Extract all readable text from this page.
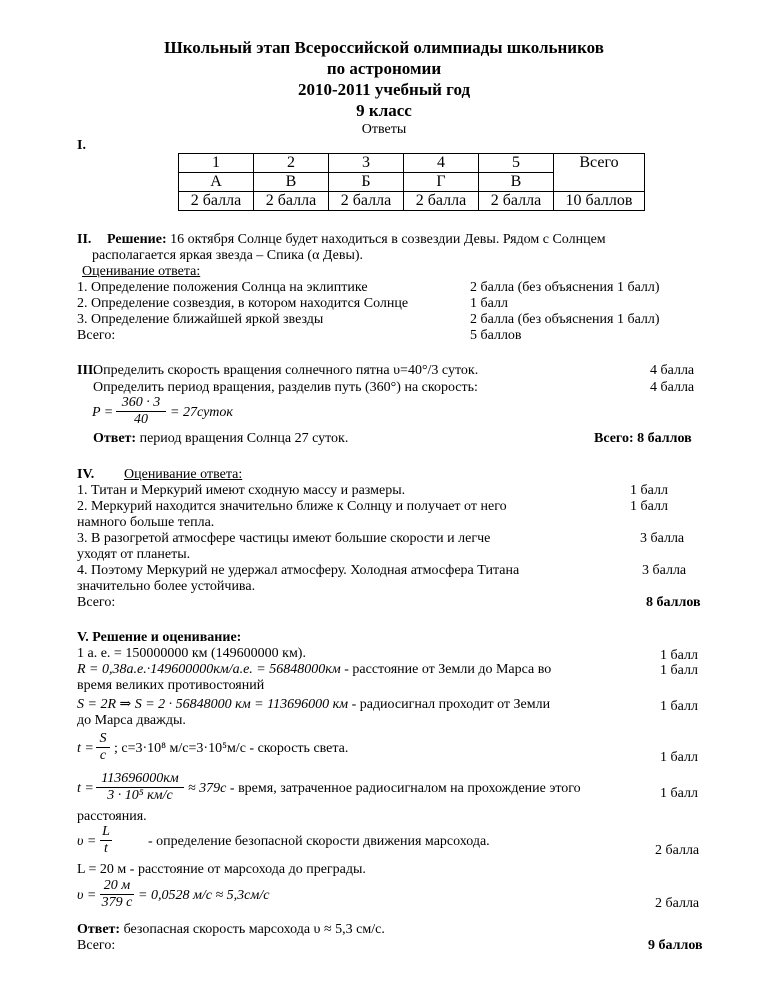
Школьный этап Всероссийской олимпиады школьников
по астрономии
2010-2011 учебный год
9 класс
Ответы
I.
1	2	3	4	5	Всего
А	В	Б	Г	В	
2 балла	2 балла	2 балла	2 балла	2 балла	10 баллов
II. Решение: 16 октября Солнце будет находиться в созвездии Девы. Рядом с Солнцем
располагается яркая звезда – Спика (α Девы).
Оценивание ответа:
1. Определение положения Солнца на эклиптике	2 балла (без объяснения 1 балл)
2. Определение созвездия, в котором находится Солнце	1 балл
3. Определение ближайшей яркой звезды	2 балла (без объяснения 1 балл)
Всего:	5 баллов
III.
Определить скорость вращения солнечного пятна υ=40°/3 суток.	4 балла
Определить период вращения, разделив путь (360°) на скорость:	4 балла
P =
360 · 3
40	= 27суток
Ответ: период вращения Солнца 27 суток.	Всего: 8 баллов
IV. Оценивание ответа:
1. Титан и Меркурий имеют сходную массу и размеры.	1 балл
2. Меркурий находится значительно ближе к Солнцу и получает от него	1 балл
намного больше тепла.
3. В разогретой атмосфере частицы имеют большие скорости и легче	3 балла
уходят от планеты.
4. Поэтому Меркурий не удержал атмосферу. Холодная атмосфера Титана	3 балла
значительно более устойчива.
Всего:	8 баллов
V. Решение и оценивание:
1 а. е. = 150000000 км (149600000 км).	1 балл
R = 0,38а.е.·149600000км/а.е. = 56848000км - расстояние от Земли до Марса во	1 балл
время великих противостояний
S = 2R ⇒ S = 2 · 56848000 км = 113696000 км - радиосигнал проходит от Земли	1 балл
до Марса дважды.
t =
S
c ; c=3·10⁸ м/с=3·10⁵м/с - скорость света.
1 балл
t =
113696000км
3 · 10⁵ км/с	≈ 379с - время, затраченное радиосигналом на прохождение этого	1 балл
расстояния.
υ =
L
t	- определение безопасной скорости движения марсохода.
2 балла
L = 20 м - расстояние от марсохода до преграды.
υ =
20 м
379 с = 0,0528 м/с ≈ 5,3см/с
2 балла
Ответ: безопасная скорость марсохода υ ≈ 5,3 см/с.
Всего:	9 баллов
